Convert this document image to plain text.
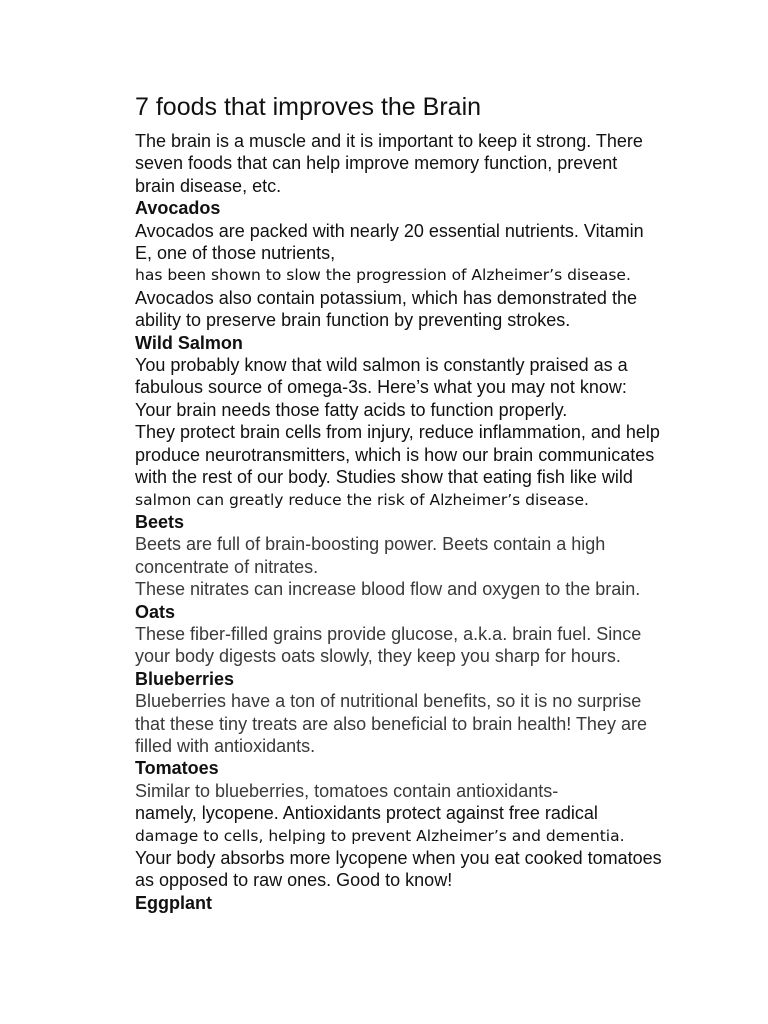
7 foods that improves the Brain

The brain is a muscle and it is important to keep it strong. There

seven foods that can help improve memory function, prevent

brain disease, etc.

Avocados

Avocados are packed with nearly 20 essential nutrients. Vitamin

E, one of those nutrients,

has been shown to slow the progression of Alzheimer’s disease.

Avocados also contain potassium, which has demonstrated the

ability to preserve brain function by preventing strokes.

Wild Salmon

You probably know that wild salmon is constantly praised as a

fabulous source of omega-3s. Here’s what you may not know:

Your brain needs those fatty acids to function properly.

They protect brain cells from injury, reduce inflammation, and help

produce neurotransmitters, which is how our brain communicates

with the rest of our body. Studies show that eating fish like wild

salmon can greatly reduce the risk of Alzheimer’s disease.

Beets

Beets are full of brain-boosting power. Beets contain a high

concentrate of nitrates.

These nitrates can increase blood flow and oxygen to the brain.

Oats

These fiber-filled grains provide glucose, a.k.a. brain fuel. Since

your body digests oats slowly, they keep you sharp for hours.

Blueberries

Blueberries have a ton of nutritional benefits, so it is no surprise

that these tiny treats are also beneficial to brain health! They are

filled with antioxidants.

Tomatoes

Similar to blueberries, tomatoes contain antioxidants-

namely, lycopene. Antioxidants protect against free radical

damage to cells, helping to prevent Alzheimer’s and dementia.

Your body absorbs more lycopene when you eat cooked tomatoes

as opposed to raw ones. Good to know!

Eggplant
